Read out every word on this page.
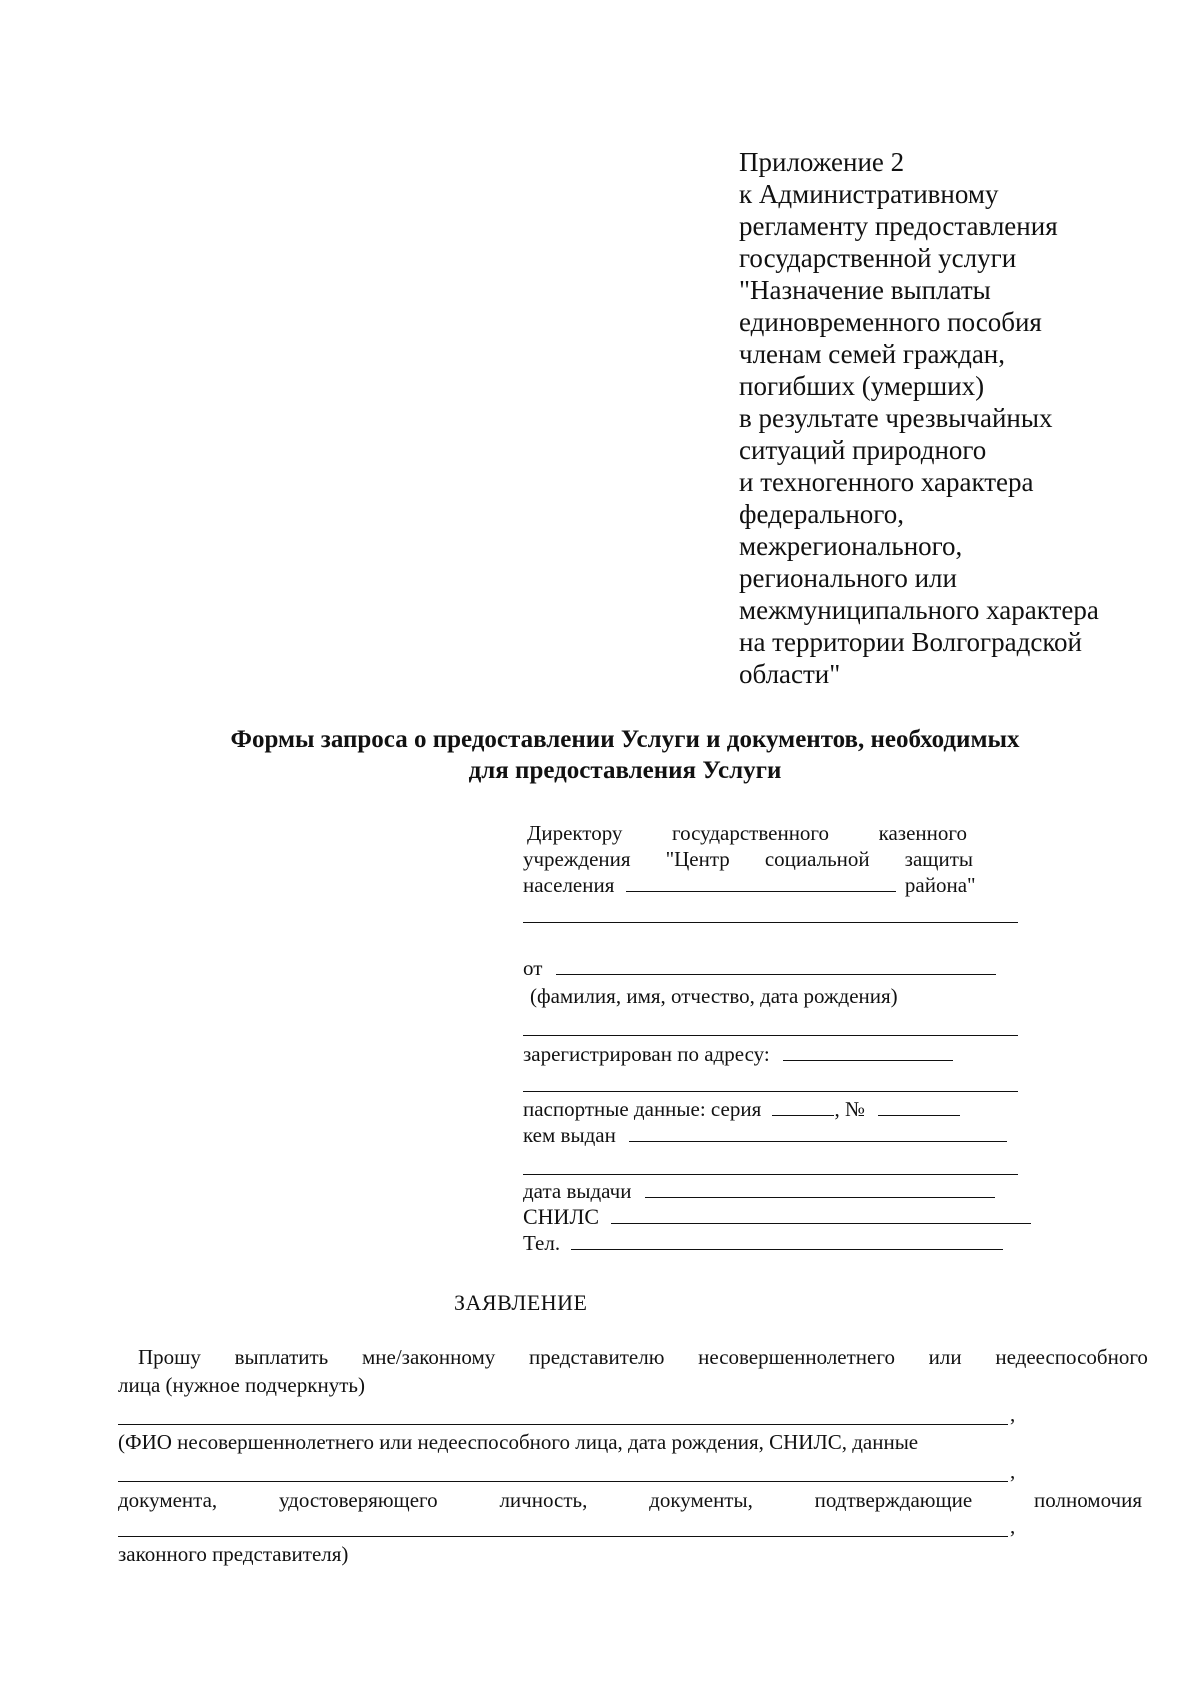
Приложение 2
к Административному
регламенту предоставления
государственной услуги
"Назначение выплаты
единовременного пособия
членам семей граждан,
погибших (умерших)
в результате чрезвычайных
ситуаций природного
и техногенного характера
федерального,
межрегионального,
регионального или
межмуниципального характера
на территории Волгоградской
области"
Формы запроса о предоставлении Услуги и документов, необходимых
для предоставления Услуги
Директору государственного казенного
учреждения "Центр социальной защиты
населения	района"
от
(фамилия, имя, отчество, дата рождения)
зарегистрирован по адресу:
паспортные данные: серия	, №
кем выдан
дата выдачи
СНИЛС
Тел.
ЗАЯВЛЕНИЕ
Прошу выплатить мне/законному представителю несовершеннолетнего или недееспособного
лица (нужное подчеркнуть)
,
(ФИО несовершеннолетнего или недееспособного лица, дата рождения, СНИЛС, данные
,
документа,	удостоверяющего	личность,	документы,	подтверждающие	полномочия
,
законного представителя)
